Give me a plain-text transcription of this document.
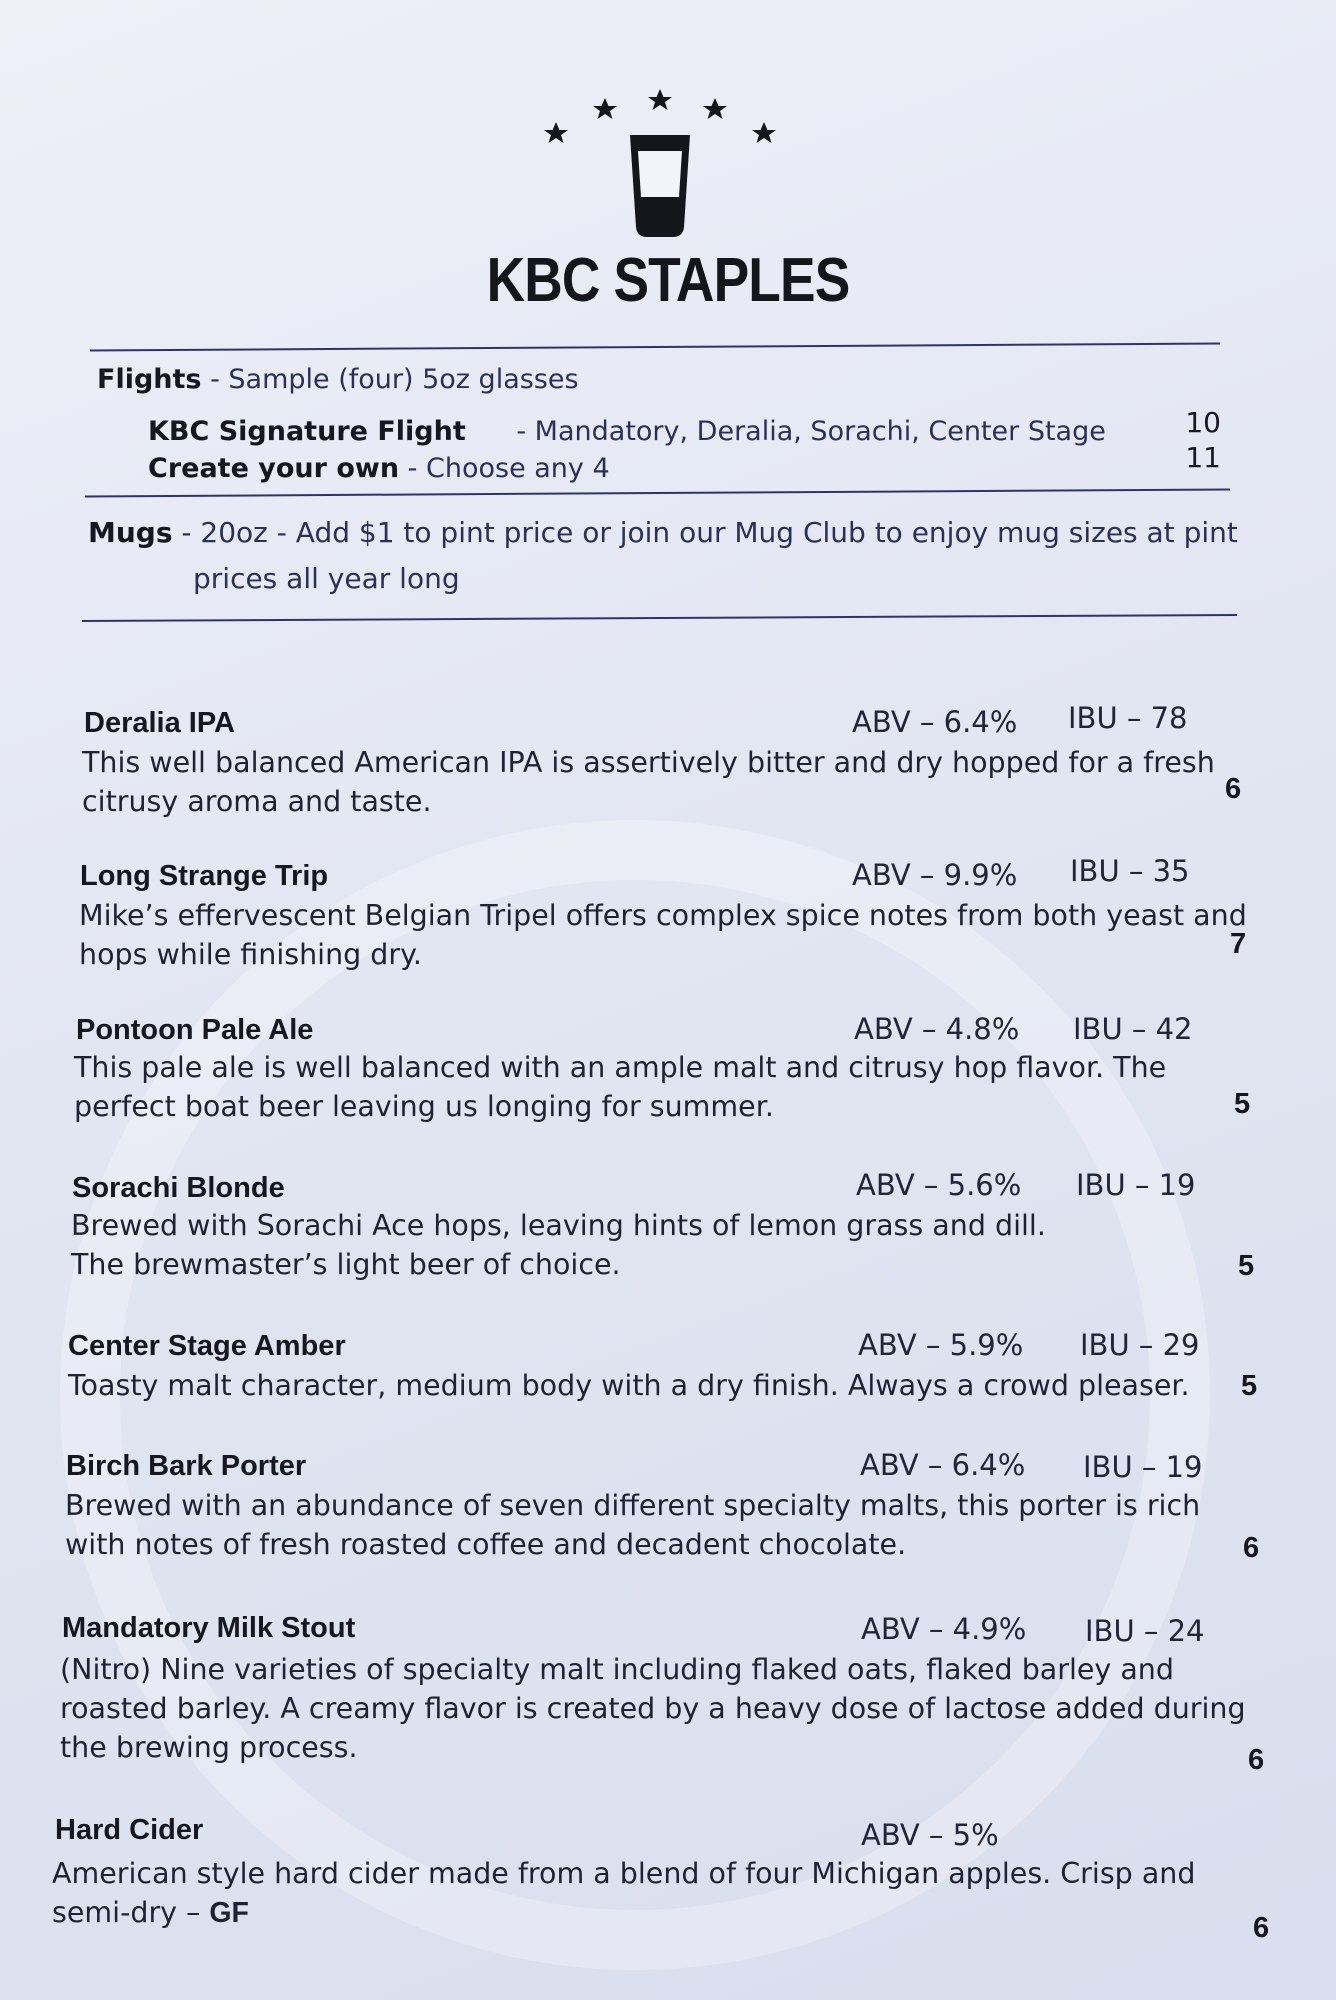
KBC STAPLES
Flights - Sample (four) 5oz glasses
KBC Signature Flight - Mandatory, Deralia, Sorachi, Center Stage	10
Create your own - Choose any 4	11
Mugs - 20oz - Add $1 to pint price or join our Mug Club to enjoy mug sizes at pint
prices all year long
Deralia IPA	ABV – 6.4% IBU – 78
This well balanced American IPA is assertively bitter and dry hopped for a fresh
citrusy aroma and taste.	6
Long Strange Trip	ABV – 9.9% IBU – 35
Mike’s effervescent Belgian Tripel offers complex spice notes from both yeast and
hops while finishing dry.	7
Pontoon Pale Ale	ABV – 4.8% IBU – 42
This pale ale is well balanced with an ample malt and citrusy hop flavor. The
perfect boat beer leaving us longing for summer.	5
Sorachi Blonde	ABV – 5.6% IBU – 19
Brewed with Sorachi Ace hops, leaving hints of lemon grass and dill.
The brewmaster’s light beer of choice.	5
Center Stage Amber	ABV – 5.9% IBU – 29
Toasty malt character, medium body with a dry finish. Always a crowd pleaser. 5
Birch Bark Porter	ABV – 6.4% IBU – 19
Brewed with an abundance of seven different specialty malts, this porter is rich
with notes of fresh roasted coffee and decadent chocolate.	6
Mandatory Milk Stout	ABV – 4.9% IBU – 24
(Nitro) Nine varieties of specialty malt including flaked oats, flaked barley and
roasted barley. A creamy flavor is created by a heavy dose of lactose added during
the brewing process.	6
Hard Cider	ABV – 5%
American style hard cider made from a blend of four Michigan apples. Crisp and
semi-dry – GF	6
